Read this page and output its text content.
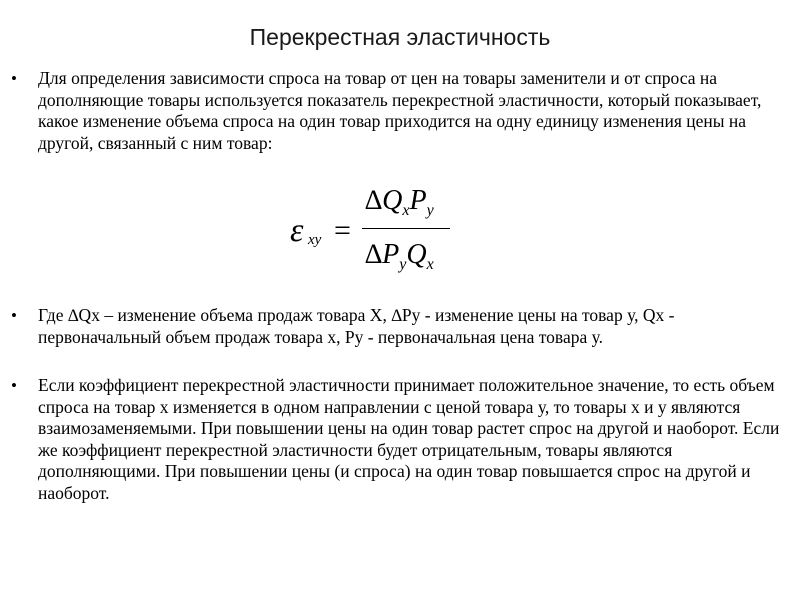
Перекрестная эластичность
• Для определения зависимости спроса на товар от цен на товары заменители и от спроса на дополняющие товары используется показатель перекрестной эластичности, который показывает, какое изменение объема спроса на один товар приходится на одну единицу изменения цены на другой, связанный с ним товар:
ε xy =
$\Delta Q_xP_y$
$\Delta P_yQ_x$
• Где ∆Qx – изменение объема продаж товара Х, ∆Py - изменение цены на товар у, Qx - первоначальный объем продаж товара х, Py - первоначальная цена товара у.
• Если коэффициент перекрестной эластичности принимает положительное значение, то есть объем спроса на товар х изменяется в одном направлении с ценой товара у, то товары х и у являются взаимозаменяемыми. При повышении цены на один товар растет спрос на другой и наоборот. Если же коэффициент перекрестной эластичности будет отрицательным, товары являются дополняющими. При повышении цены (и спроса) на один товар повышается спрос на другой и наоборот.
